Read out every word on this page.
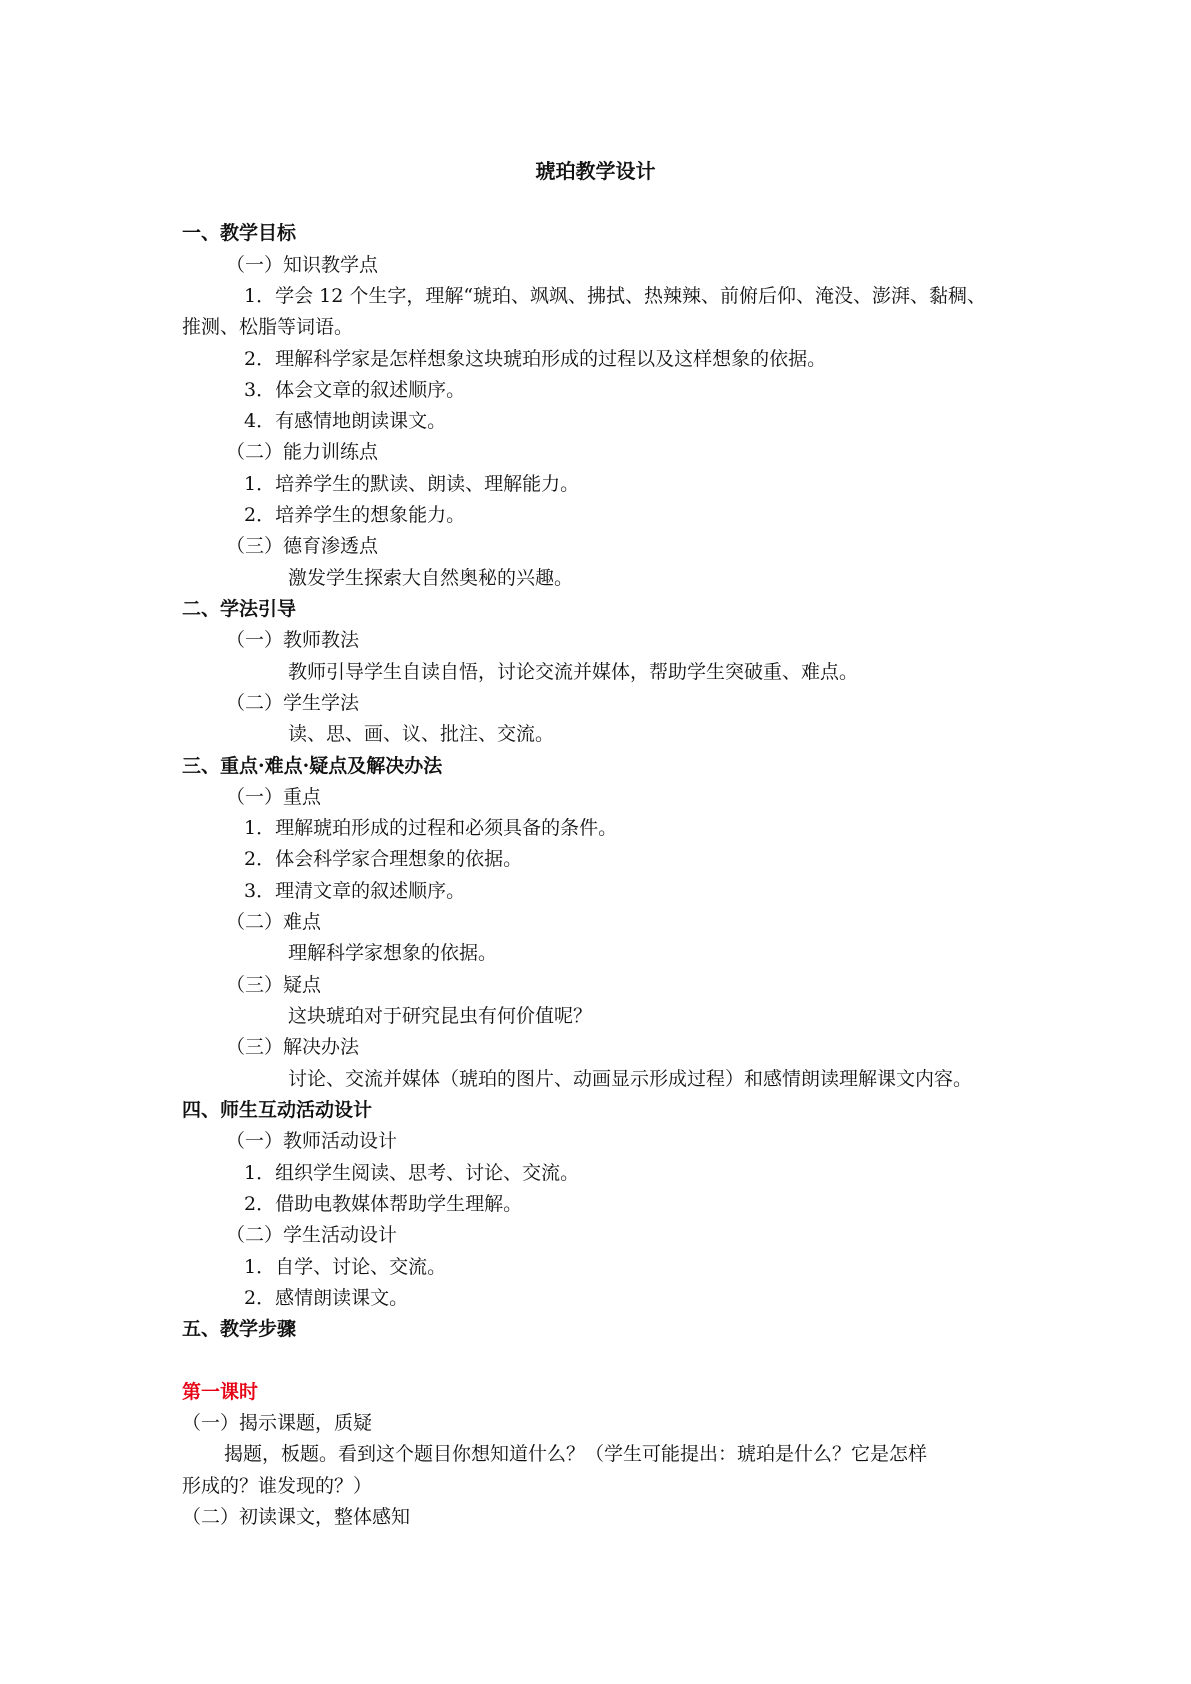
琥珀教学设计
一、教学目标
（一）知识教学点
1．学会 12 个生字，理解“琥珀、飒飒、拂拭、热辣辣、前俯后仰、淹没、澎湃、黏稠、
推测、松脂等词语。
2．理解科学家是怎样想象这块琥珀形成的过程以及这样想象的依据。
3．体会文章的叙述顺序。
4．有感情地朗读课文。
（二）能力训练点
1．培养学生的默读、朗读、理解能力。
2．培养学生的想象能力。
（三）德育渗透点
激发学生探索大自然奥秘的兴趣。
二、学法引导
（一）教师教法
教师引导学生自读自悟，讨论交流并媒体，帮助学生突破重、难点。
（二）学生学法
读、思、画、议、批注、交流。
三、重点·难点·疑点及解决办法
（一）重点
1．理解琥珀形成的过程和必须具备的条件。
2．体会科学家合理想象的依据。
3．理清文章的叙述顺序。
（二）难点
理解科学家想象的依据。
（三）疑点
这块琥珀对于研究昆虫有何价值呢？
（三）解决办法
讨论、交流并媒体（琥珀的图片、动画显示形成过程）和感情朗读理解课文内容。
四、师生互动活动设计
（一）教师活动设计
1．组织学生阅读、思考、讨论、交流。
2．借助电教媒体帮助学生理解。
（二）学生活动设计
1．自学、讨论、交流。
2．感情朗读课文。
五、教学步骤
第一课时
（一）揭示课题，质疑
揭题，板题。看到这个题目你想知道什么？（学生可能提出：琥珀是什么？它是怎样
形成的？谁发现的？）
（二）初读课文，整体感知
